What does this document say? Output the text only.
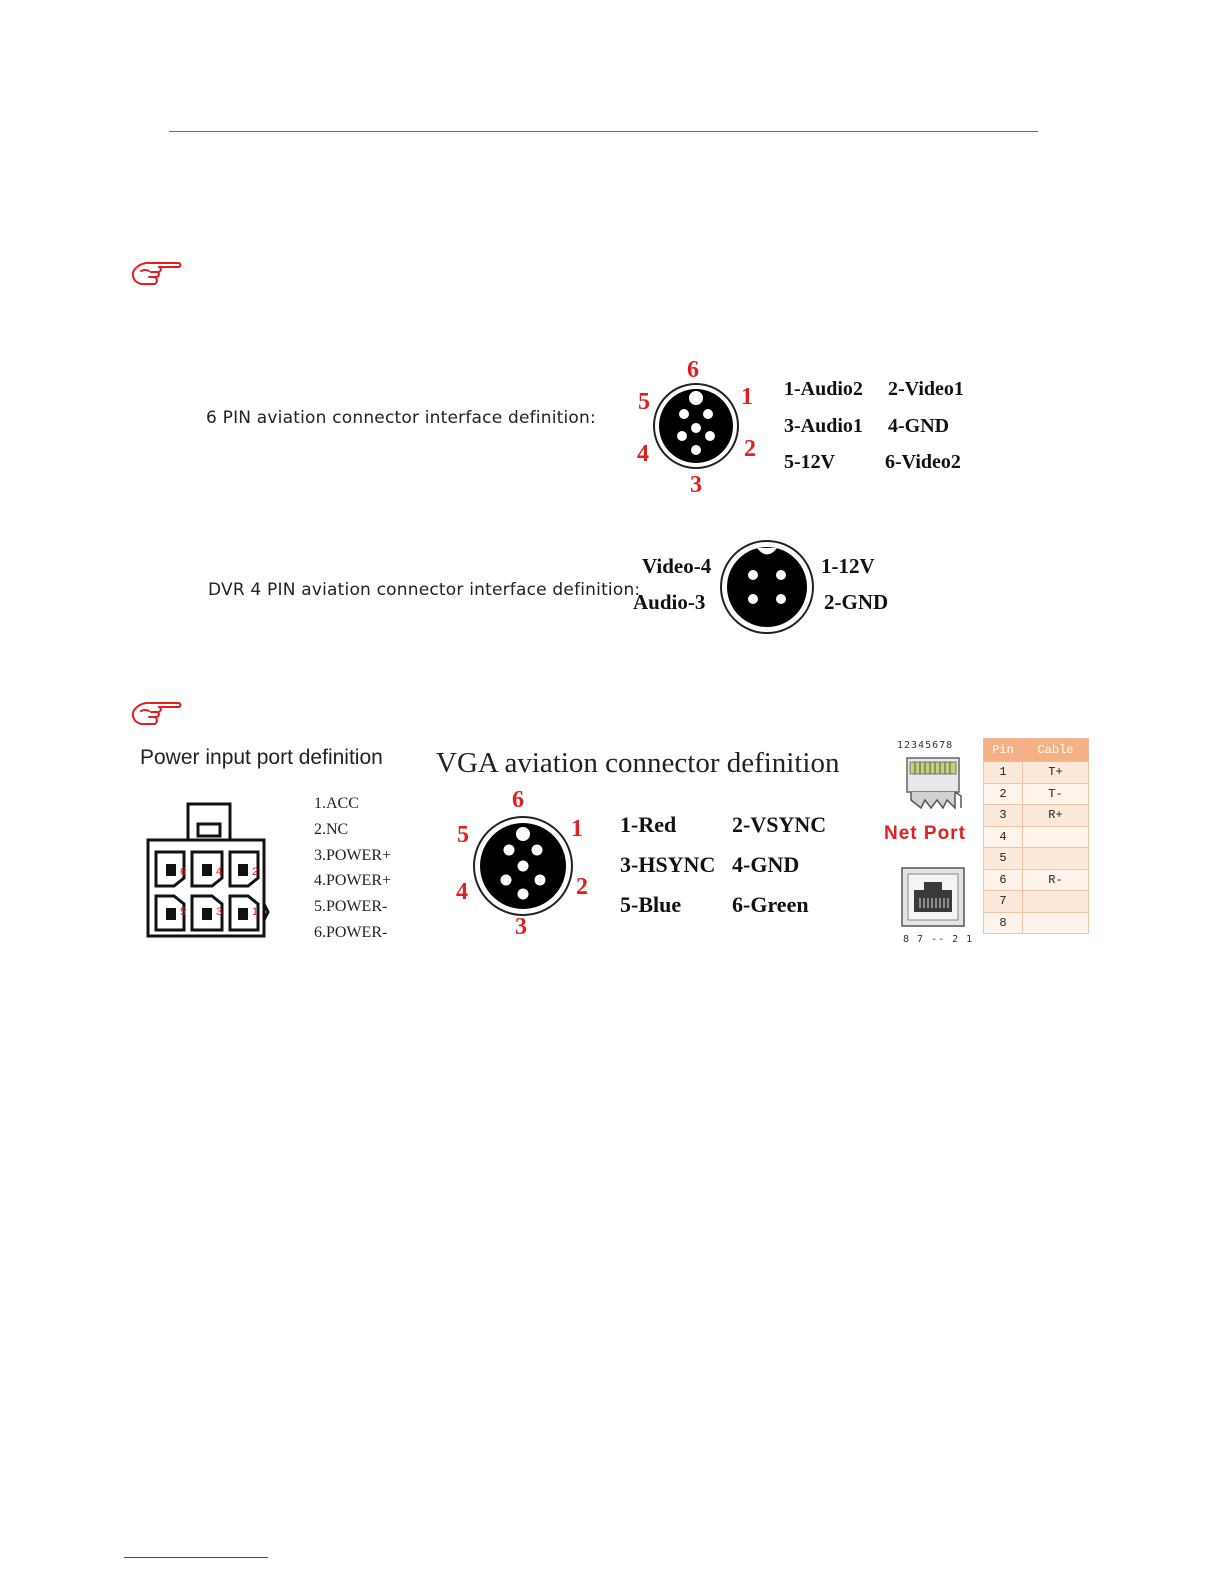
6 PIN aviation connector interface definition:
1
2
3
4
5
6
1-Audio2 2-Video1
3-Audio1 4-GND
5-12V 6-Video2
DVR 4 PIN aviation connector interface definition:
Video-4
Audio-3
1-12V
2-GND
Power input port definition
6	4	2
5	3	1
1.ACC
2.NC
3.POWER+
4.POWER+
5.POWER-
6.POWER-
VGA aviation connector definition
1
2
3
4
5
6
1-Red	2-VSYNC
3-HSYNC 4-GND
5-Blue 6-Green
12345678
Net Port
8 7 -- 2 1
Pin	Cable
1	T+
2	T-
3	R+
4	
5	
6	R-
7	
8	
